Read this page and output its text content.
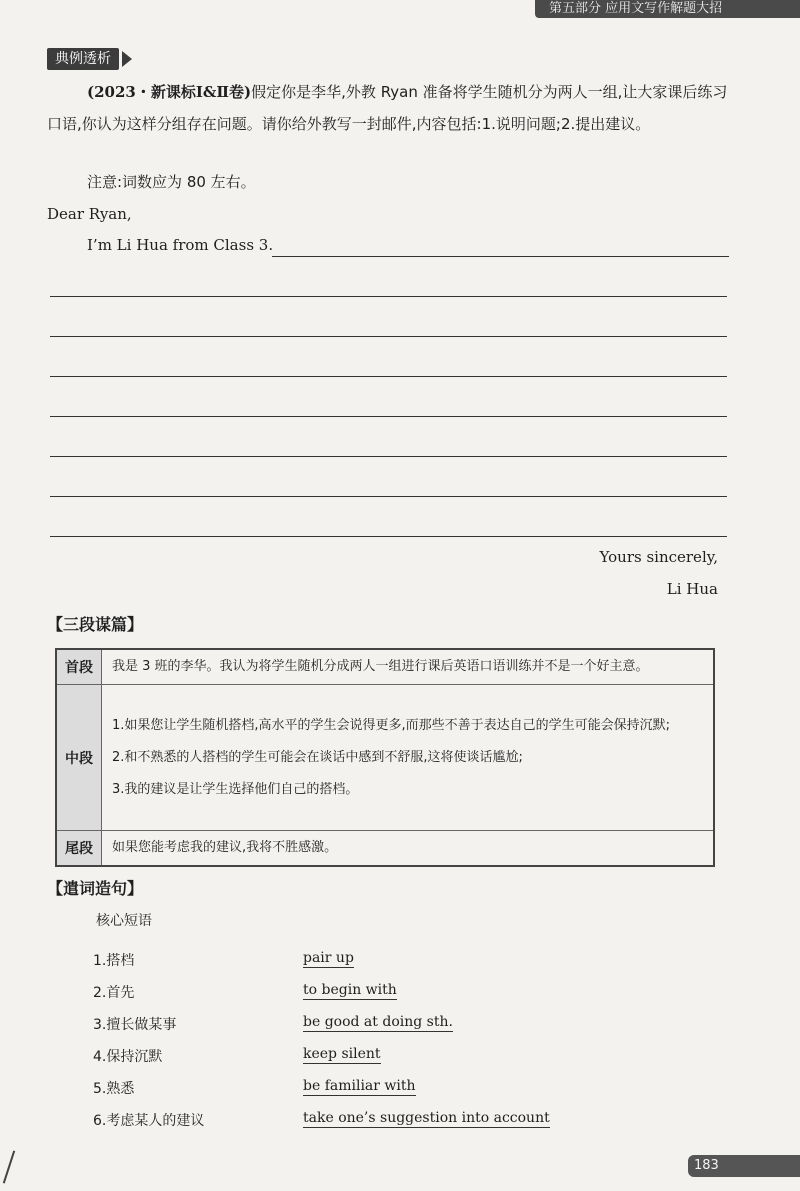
第五部分 应用文写作解题大招
典例透析
(2023・新课标Ⅰ&Ⅱ卷)假定你是李华,外教 Ryan 准备将学生随机分为两人一组,让大家课后练习口语,你认为这样分组存在问题。请你给外教写一封邮件,内容包括:1.说明问题;2.提出建议。
注意:词数应为 80 左右。
Dear Ryan,
I’m Li Hua from Class 3.
Yours sincerely,
Li Hua
【三段谋篇】
首段	我是 3 班的李华。我认为将学生随机分成两人一组进行课后英语口语训练并不是一个好主意。

中段	1.如果您让学生随机搭档,高水平的学生会说得更多,而那些不善于表达自己的学生可能会保持沉默;
2.和不熟悉的人搭档的学生可能会在谈话中感到不舒服,这将使谈话尴尬;
3.我的建议是让学生选择他们自己的搭档。

尾段	如果您能考虑我的建议,我将不胜感激。
【遣词造句】
核心短语
1.搭档	pair up
2.首先	to begin with
3.擅长做某事	be good at doing sth.
4.保持沉默	keep silent
5.熟悉	be familiar with
6.考虑某人的建议	take one’s suggestion into account
183
